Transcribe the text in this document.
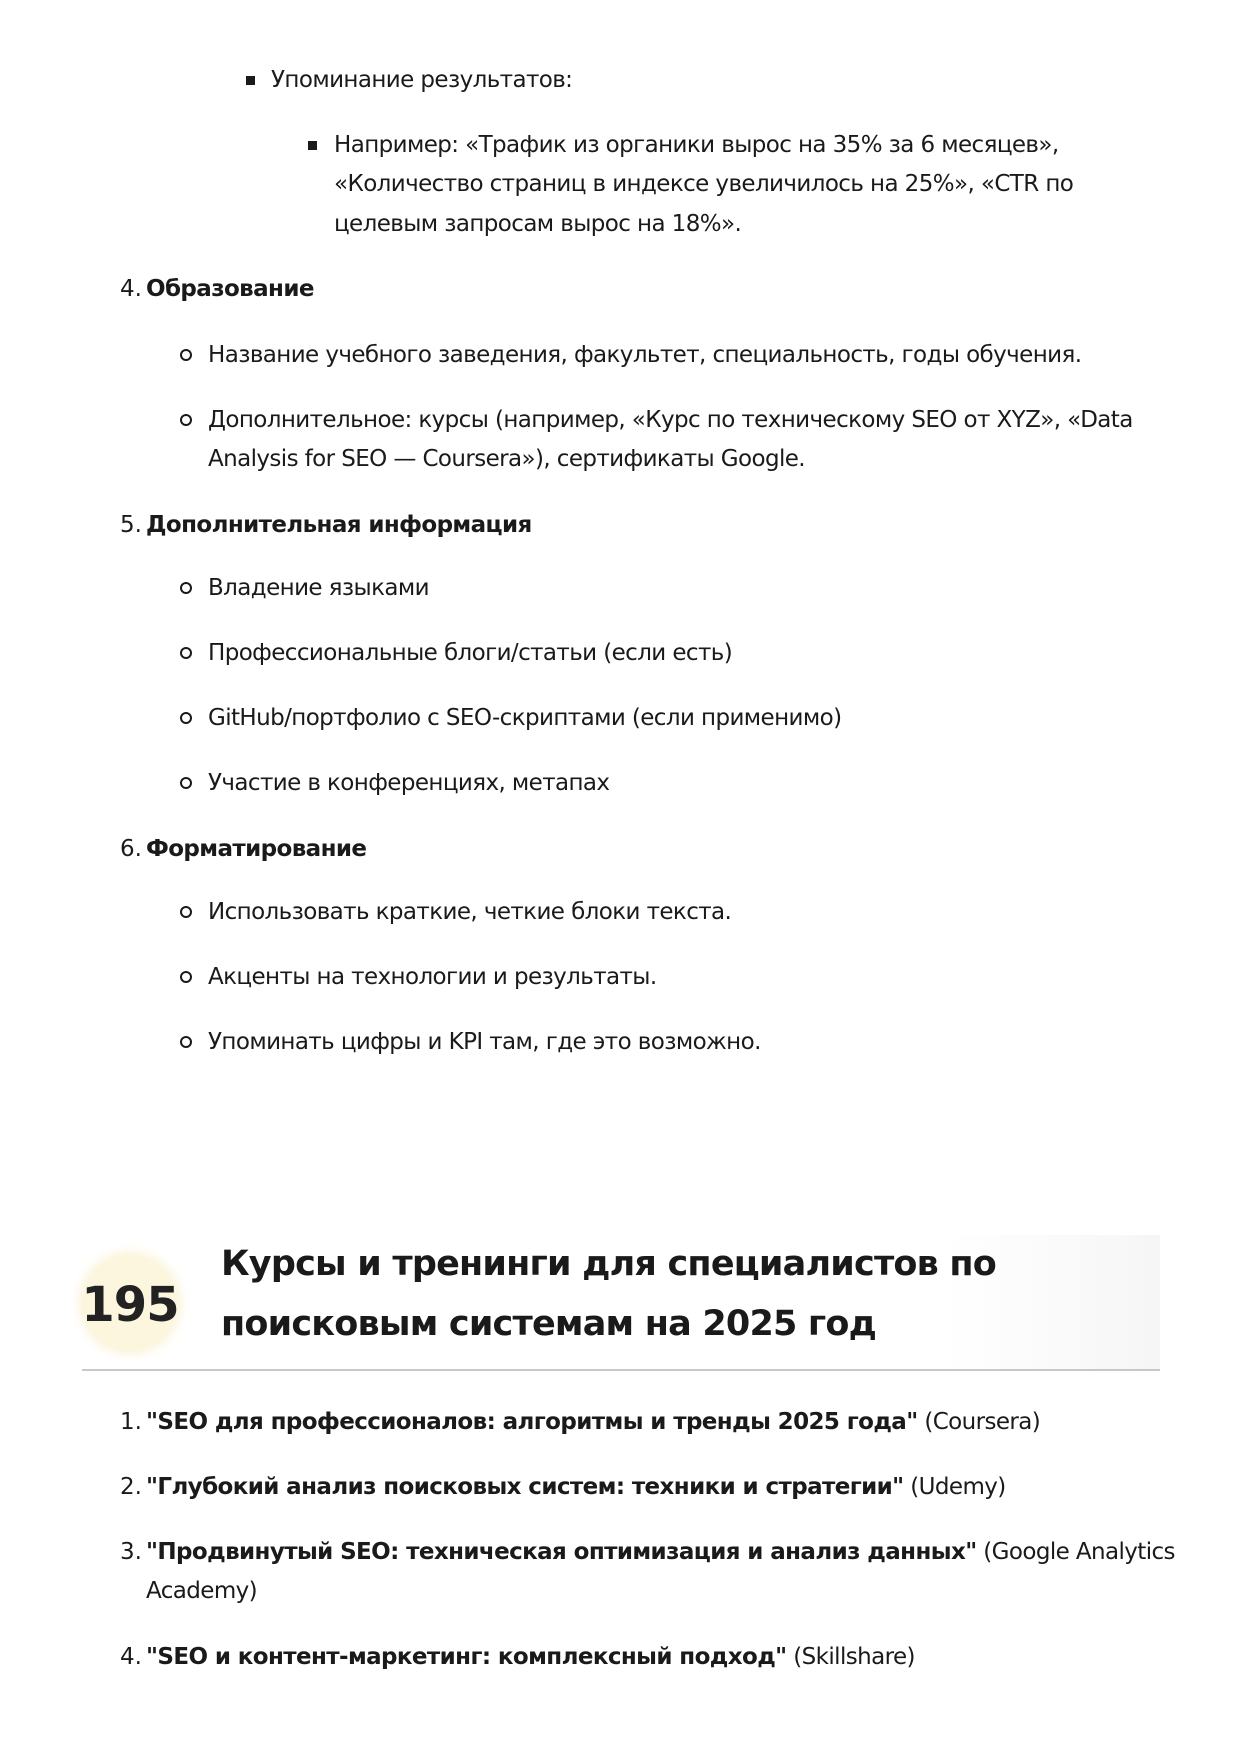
Упоминание результатов:
Например: «Трафик из органики вырос на 35% за 6 месяцев»,
«Количество страниц в индексе увеличилось на 25%», «CTR по
целевым запросам вырос на 18%».
4. Образование
Название учебного заведения, факультет, специальность, годы обучения.
Дополнительное: курсы (например, «Курс по техническому SEO от XYZ», «Data
Analysis for SEO — Coursera»), сертификаты Google.
5. Дополнительная информация
Владение языками
Профессиональные блоги/статьи (если есть)
GitHub/портфолио с SEO-скриптами (если применимо)
Участие в конференциях, метапах
6. Форматирование
Использовать краткие, четкие блоки текста.
Акценты на технологии и результаты.
Упоминать цифры и KPI там, где это возможно.
195
Курсы и тренинги для специалистов по
поисковым системам на 2025 год
1. "SEO для профессионалов: алгоритмы и тренды 2025 года" (Coursera)
2. "Глубокий анализ поисковых систем: техники и стратегии" (Udemy)
3. "Продвинутый SEO: техническая оптимизация и анализ данных" (Google Analytics
Academy)
4. "SEO и контент-маркетинг: комплексный подход" (Skillshare)
